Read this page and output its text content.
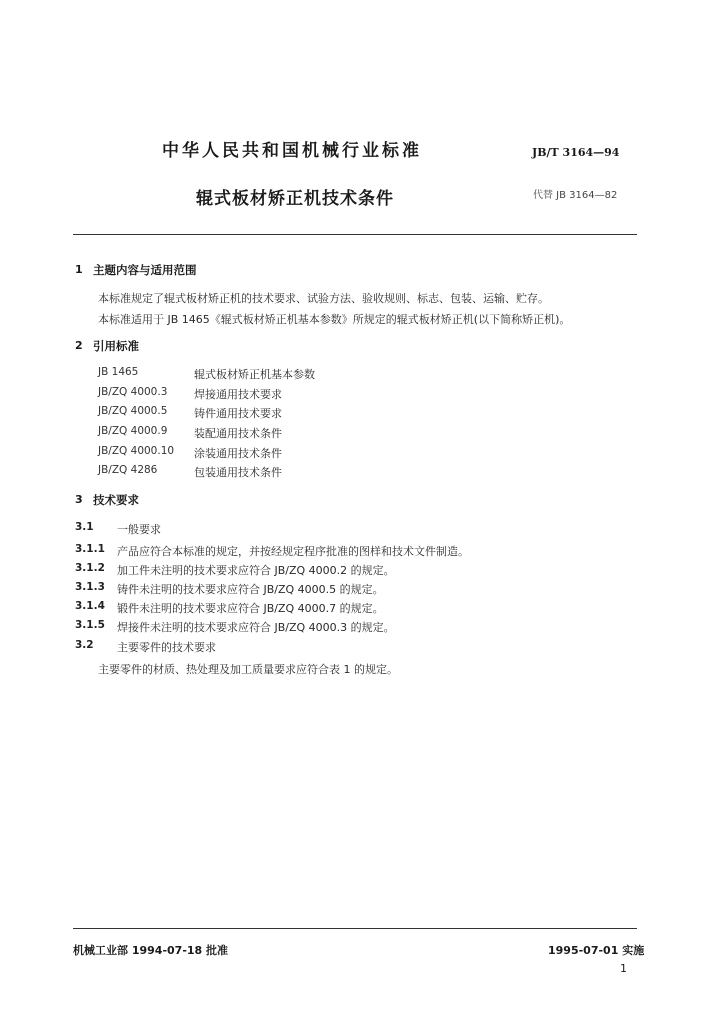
中华人民共和国机械行业标准	JB/T 3164—94
辊式板材矫正机技术条件	代替 JB 3164—82
1 主题内容与适用范围
本标准规定了辊式板材矫正机的技术要求、试验方法、验收规则、标志、包装、运输、贮存。
本标准适用于 JB 1465《辊式板材矫正机基本参数》所规定的辊式板材矫正机(以下简称矫正机)。
2 引用标准
JB 1465	辊式板材矫正机基本参数
JB/ZQ 4000.3 焊接通用技术要求
JB/ZQ 4000.5 铸件通用技术要求
JB/ZQ 4000.9 装配通用技术条件
JB/ZQ 4000.10 涂装通用技术条件
JB/ZQ 4286	包装通用技术条件
3 技术要求
3.1 一般要求
3.1.1 产品应符合本标准的规定，并按经规定程序批准的图样和技术文件制造。
3.1.2 加工件未注明的技术要求应符合 JB/ZQ 4000.2 的规定。
3.1.3 铸件未注明的技术要求应符合 JB/ZQ 4000.5 的规定。
3.1.4 锻件未注明的技术要求应符合 JB/ZQ 4000.7 的规定。
3.1.5 焊接件未注明的技术要求应符合 JB/ZQ 4000.3 的规定。
3.2 主要零件的技术要求
主要零件的材质、热处理及加工质量要求应符合表 1 的规定。
机械工业部 1994-07-18 批准	1995-07-01 实施
1
